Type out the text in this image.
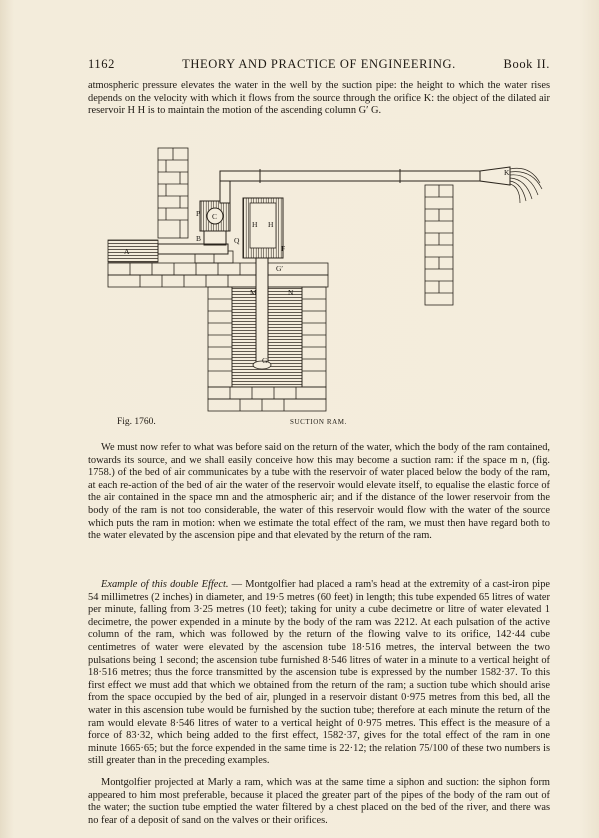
1162	THEORY AND PRACTICE OF ENGINEERING.	Book II.

atmospheric pressure elevates the water in the well by the suction pipe: the height to which the water rises depends on the velocity with which it flows from the source through the orifice K: the object of the dilated air reservoir H H is to maintain the motion of the ascending column G′ G.

A
B
C
P
Q
H H
F
G′
M	N
G
K
Fig. 1760.	SUCTION RAM.

We must now refer to what was before said on the return of the water, which the body of the ram contained, towards its source, and we shall easily conceive how this may become a suction ram: if the space m n, (fig. 1758.) of the bed of air communicates by a tube with the reservoir of water placed below the body of the ram, at each re-action of the bed of air the water of the reservoir would elevate itself, to equalise the elastic force of the air contained in the space mn and the atmospheric air; and if the distance of the lower reservoir from the body of the ram is not too considerable, the water of this reservoir would flow with the water of the source which puts the ram in motion: when we estimate the total effect of the ram, we must then have regard both to the water elevated by the ascension pipe and that elevated by the return of the ram.

Example of this double Effect. — Montgolfier had placed a ram's head at the extremity of a cast-iron pipe 54 millimetres (2 inches) in diameter, and 19·5 metres (60 feet) in length; this tube expended 65 litres of water per minute, falling from 3·25 metres (10 feet); taking for unity a cube decimetre or litre of water elevated 1 decimetre, the power expended in a minute by the body of the ram was 2212. At each pulsation of the active column of the ram, which was followed by the return of the flowing valve to its orifice, 142·44 cube centimetres of water were elevated by the ascension tube 18·516 metres, the interval between the two pulsations being 1 second; the ascension tube furnished 8·546 litres of water in a minute to a vertical height of 18·516 metres; thus the force transmitted by the ascension tube is expressed by the number 1582·37. To this first effect we must add that which we obtained from the return of the ram; a suction tube which should arise from the space occupied by the bed of air, plunged in a reservoir distant 0·975 metres from this bed, all the water in this ascension tube would be furnished by the suction tube; therefore at each minute the return of the ram would elevate 8·546 litres of water to a vertical height of 0·975 metres. This effect is the measure of a force of 83·32, which being added to the first effect, 1582·37, gives for the total effect of the ram in one minute 1665·65; but the force expended in the same time is 22·12; the relation 75/100 of these two numbers is still greater than in the preceding examples.

Montgolfier projected at Marly a ram, which was at the same time a siphon and suction: the siphon form appeared to him most preferable, because it placed the greater part of the pipes of the body of the ram out of the water; the suction tube emptied the water filtered by a chest placed on the bed of the river, and there was no fear of a deposit of sand on the valves or their orifices.
